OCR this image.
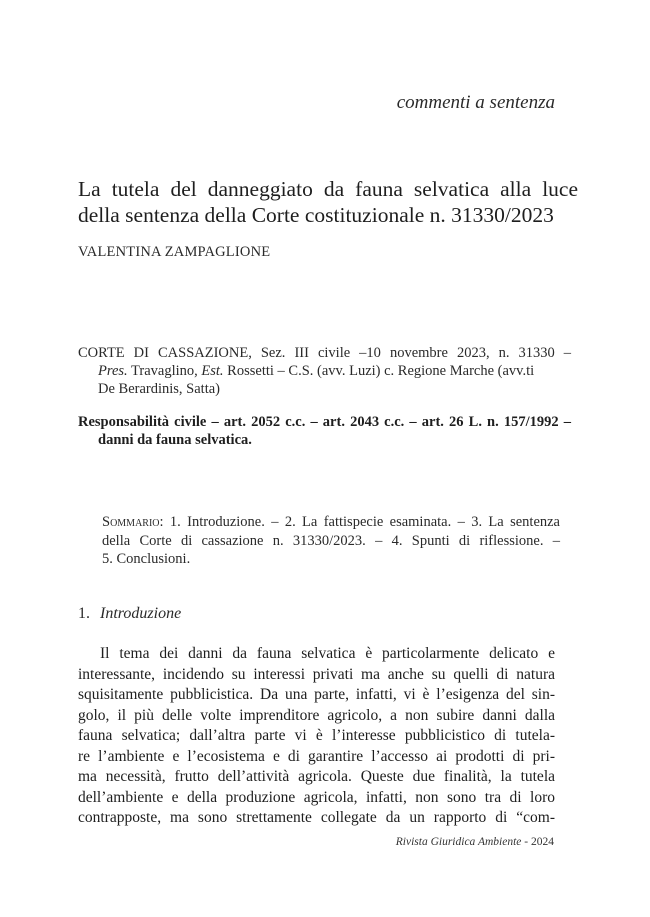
commenti a sentenza
La tutela del danneggiato da fauna selvatica alla luce
della sentenza della Corte costituzionale n. 31330/2023
VALENTINA ZAMPAGLIONE
CORTE DI CASSAZIONE, Sez. III civile –10 novembre 2023, n. 31330 –
Pres. Travaglino, Est. Rossetti – C.S. (avv. Luzi) c. Regione Marche (avv.ti
De Berardinis, Satta)
Responsabilità civile – art. 2052 c.c. – art. 2043 c.c. – art. 26 L. n. 157/1992 –
danni da fauna selvatica.
Sommario: 1. Introduzione. – 2. La fattispecie esaminata. – 3. La sentenza
della Corte di cassazione n. 31330/2023. – 4. Spunti di riflessione. –
5. Conclusioni.
1. Introduzione
Il tema dei danni da fauna selvatica è particolarmente delicato e
interessante, incidendo su interessi privati ma anche su quelli di natura
squisitamente pubblicistica. Da una parte, infatti, vi è l’esigenza del sin-
golo, il più delle volte imprenditore agricolo, a non subire danni dalla
fauna selvatica; dall’altra parte vi è l’interesse pubblicistico di tutela-
re l’ambiente e l’ecosistema e di garantire l’accesso ai prodotti di pri-
ma necessità, frutto dell’attività agricola. Queste due finalità, la tutela
dell’ambiente e della produzione agricola, infatti, non sono tra di loro
contrapposte, ma sono strettamente collegate da un rapporto di “com-
Rivista Giuridica Ambiente - 2024
